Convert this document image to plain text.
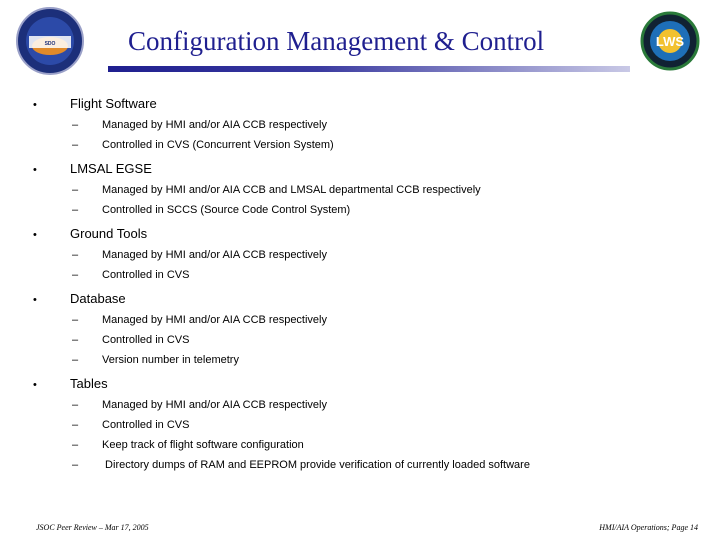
SDO	LWS
Configuration Management & Control
•	Flight Software
–	Managed by HMI and/or AIA CCB respectively
–	Controlled in CVS (Concurrent Version System)
•	LMSAL EGSE
–	Managed by HMI and/or AIA CCB and LMSAL departmental CCB respectively
–	Controlled in SCCS (Source Code Control System)
•	Ground Tools
–	Managed by HMI and/or AIA CCB respectively
–	Controlled in CVS
•	Database
–	Managed by HMI and/or AIA CCB respectively
–	Controlled in CVS
–	Version number in telemetry
•	Tables
–	Managed by HMI and/or AIA CCB respectively
–	Controlled in CVS
–	Keep track of flight software configuration
–	Directory dumps of RAM and EEPROM provide verification of currently loaded software
JSOC Peer Review – Mar 17, 2005	HMI/AIA Operations; Page 14
